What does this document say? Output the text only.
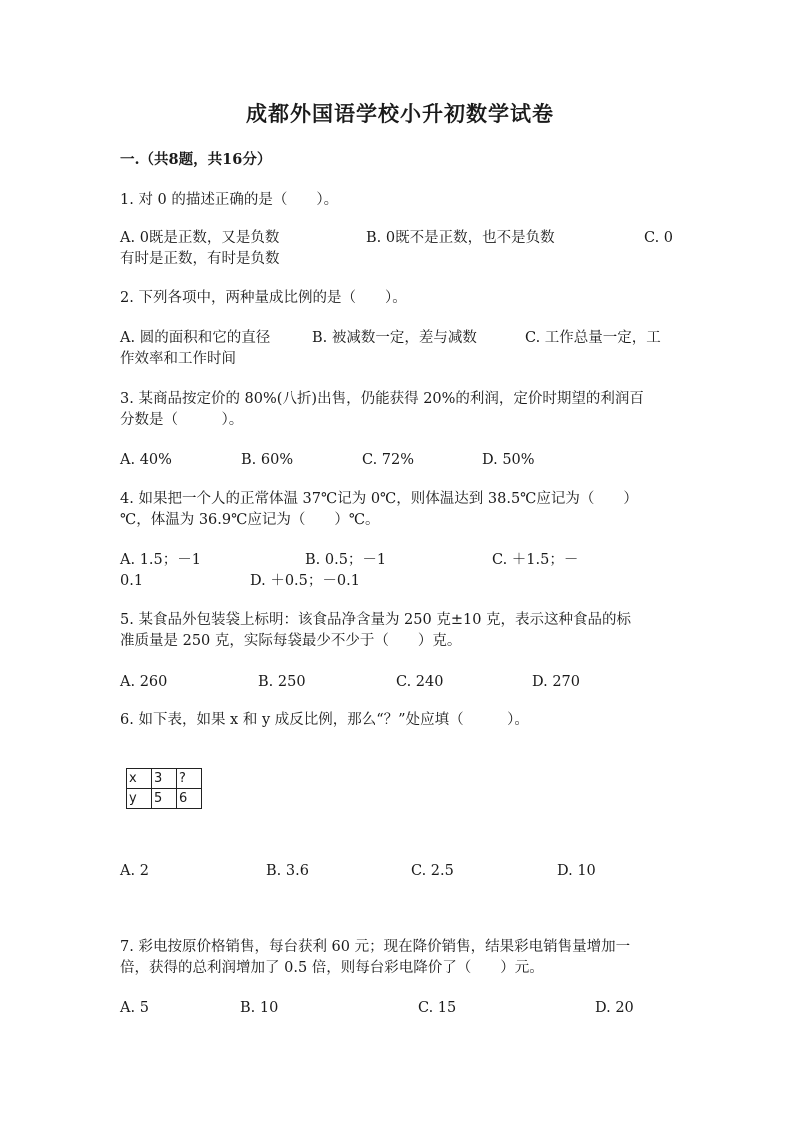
成都外国语学校小升初数学试卷
一.（共8题，共16分）
1. 对 0 的描述正确的是（　　）。
A. 0既是正数，又是负数	B. 0既不是正数，也不是负数	C. 0
有时是正数，有时是负数
2. 下列各项中，两种量成比例的是（　　）。
A. 圆的面积和它的直径	B. 被减数一定，差与减数	C. 工作总量一定，工
作效率和工作时间
3. 某商品按定价的 80%(八折)出售，仍能获得 20%的利润，定价时期望的利润百
分数是（　　　）。
A. 40%	B. 60%	C. 72%	D. 50%
4. 如果把一个人的正常体温 37℃记为 0℃，则体温达到 38.5℃应记为（　　）
℃，体温为 36.9℃应记为（　　）℃。
A. 1.5；－1	B. 0.5；－1	C. ＋1.5；－
0.1	D. ＋0.5；－0.1
5. 某食品外包装袋上标明：该食品净含量为 250 克±10 克，表示这种食品的标
准质量是 250 克，实际每袋最少不少于（　　）克。
A. 260	B. 250	C. 240	D. 270
6. 如下表，如果 x 和 y 成反比例，那么“？”处应填（　　　）。
x	3	?
y	5	6
A. 2	B. 3.6	C. 2.5	D. 10
7. 彩电按原价格销售，每台获利 60 元；现在降价销售，结果彩电销售量增加一
倍，获得的总利润增加了 0.5 倍，则每台彩电降价了（　　）元。
A. 5	B. 10	C. 15	D. 20
